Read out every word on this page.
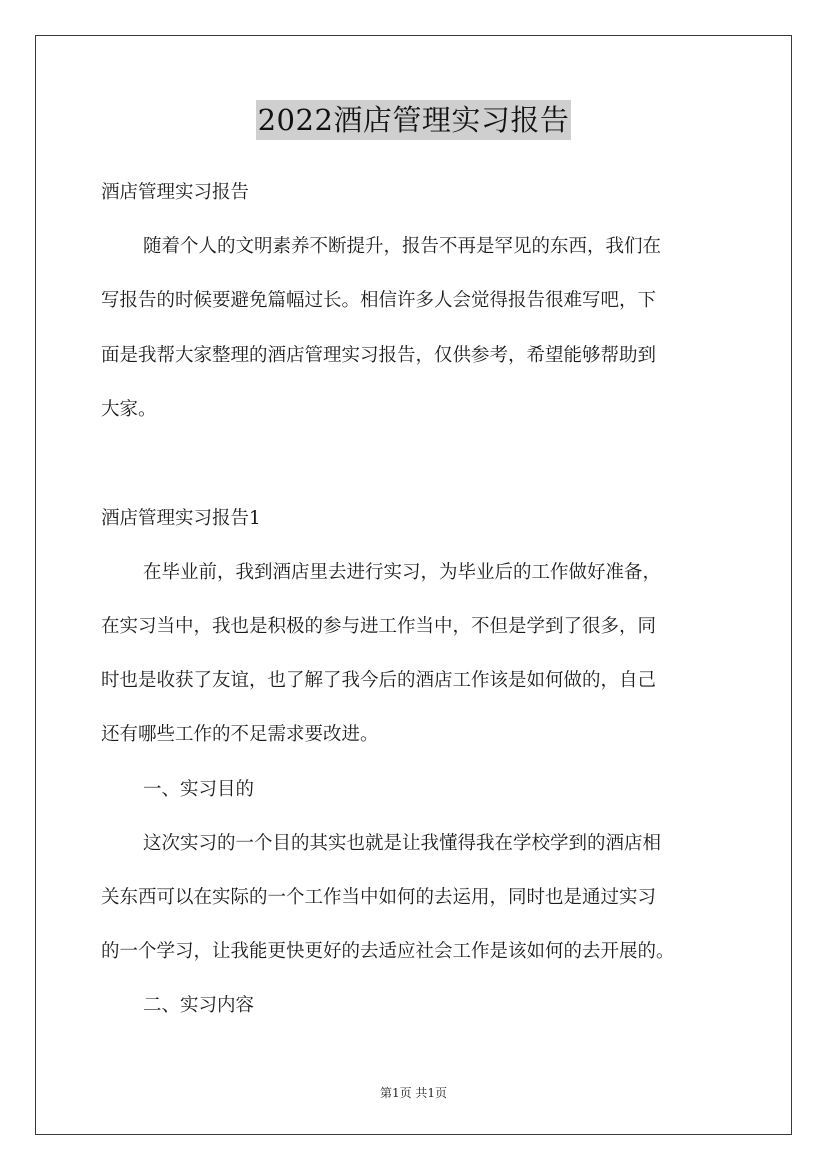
2022酒店管理实习报告
酒店管理实习报告
随着个人的文明素养不断提升，报告不再是罕见的东西，我们在
写报告的时候要避免篇幅过长。相信许多人会觉得报告很难写吧，下
面是我帮大家整理的酒店管理实习报告，仅供参考，希望能够帮助到
大家。
酒店管理实习报告1
在毕业前，我到酒店里去进行实习，为毕业后的工作做好准备，
在实习当中，我也是积极的参与进工作当中，不但是学到了很多，同
时也是收获了友谊，也了解了我今后的酒店工作该是如何做的，自己
还有哪些工作的不足需求要改进。
一、实习目的
这次实习的一个目的其实也就是让我懂得我在学校学到的酒店相
关东西可以在实际的一个工作当中如何的去运用，同时也是通过实习
的一个学习，让我能更快更好的去适应社会工作是该如何的去开展的。
二、实习内容
第1页 共1页
